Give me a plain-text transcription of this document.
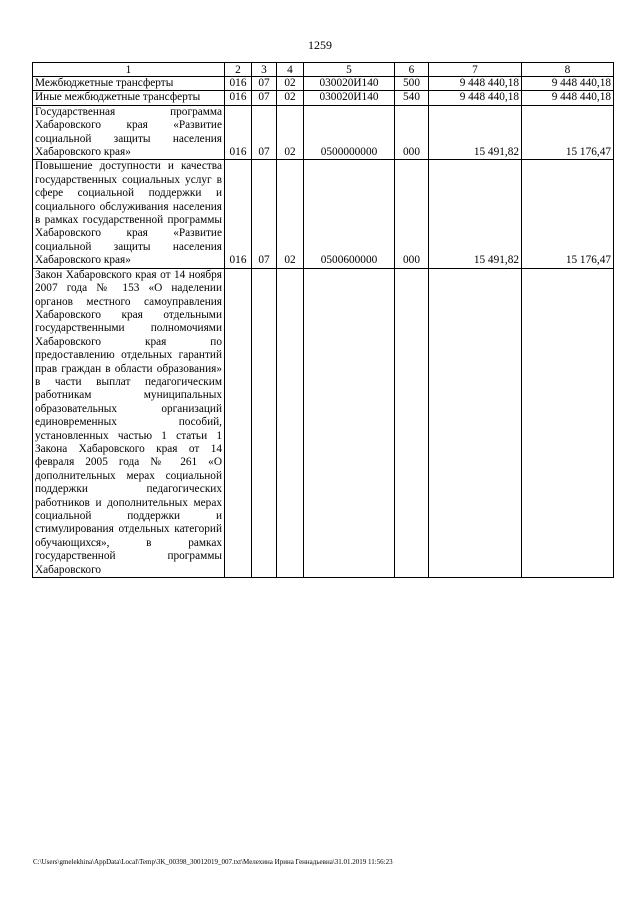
1259
1	2	3	4	5	6	7	8
Межбюджетные трансферты	016	07	02	030020И140	500	9 448 440,18	9 448 440,18
Иные межбюджетные трансферты	016	07	02	030020И140	540	9 448 440,18	9 448 440,18
Государственная программа Хабаровского края «Развитие социальной защиты населения Хабаровского края»	016	07	02	0500000000	000	15 491,82	15 176,47
Повышение доступности и качества государственных социальных услуг в сфере социальной поддержки и социального обслуживания населения в рамках государственной программы Хабаровского края «Развитие социальной защиты населения Хабаровского края»	016	07	02	0500600000	000	15 491,82	15 176,47
Закон Хабаровского края от 14 ноября 2007 года № 153 «О наделении органов местного самоуправления Хабаровского края отдельными государственными полномочиями Хабаровского края по предоставлению отдельных гарантий прав граждан в области образования» в части выплат педагогическим работникам муниципальных образовательных организаций единовременных пособий, установленных частью 1 статьи 1 Закона Хабаровского края от 14 февраля 2005 года № 261 «О дополнительных мерах социальной поддержки педагогических работников и дополнительных мерах социальной поддержки и стимулирования отдельных категорий обучающихся», в рамках государственной программы Хабаровского							
C:\Users\gmelekhina\AppData\Local\Temp\3K_00398_30012019_007.txt\Мелехина Ирина Геннадьевна\31.01.2019 11:56:23
